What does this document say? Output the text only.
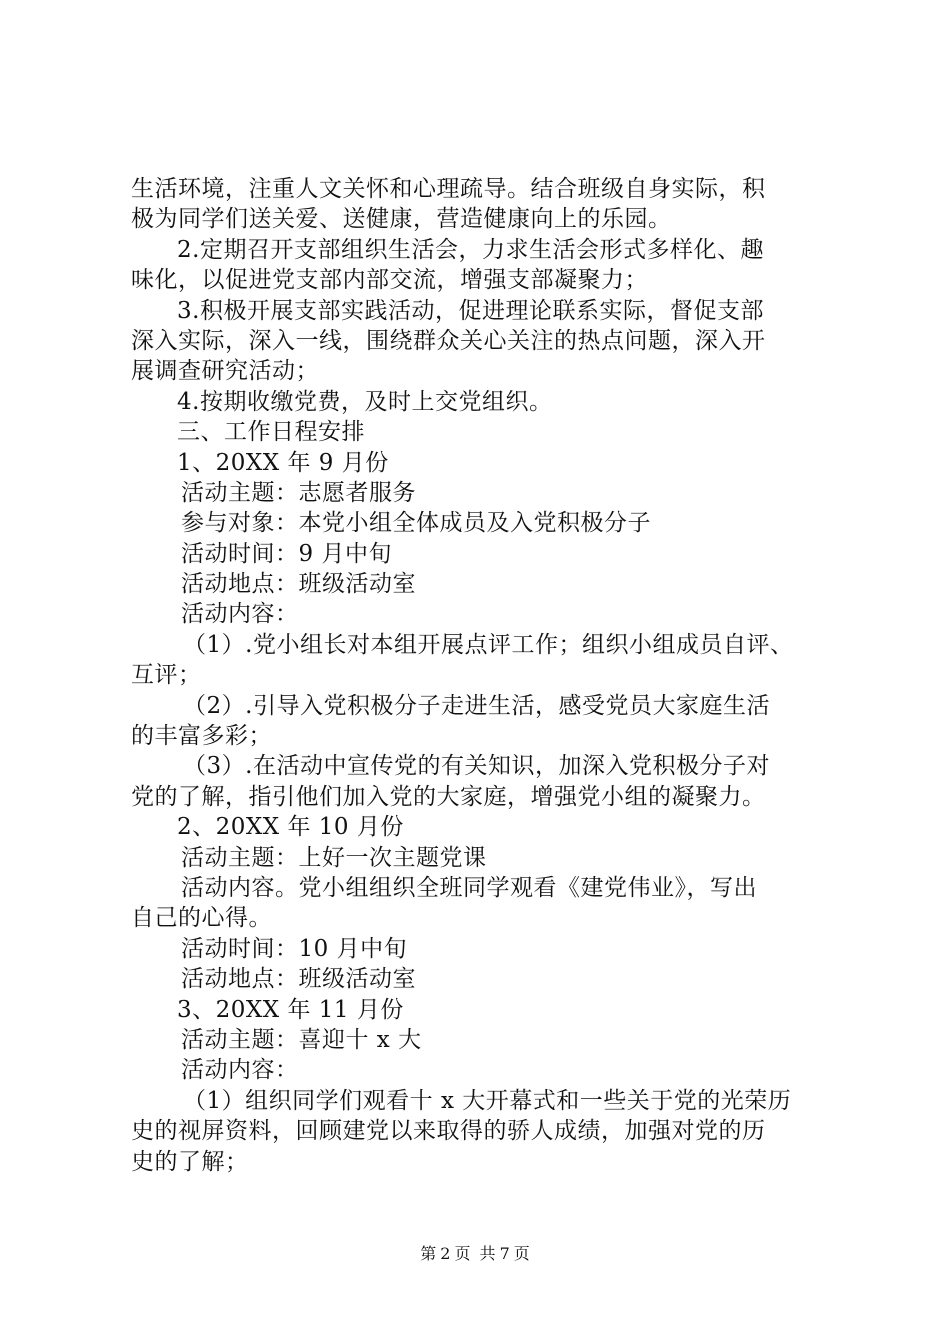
生活环境，注重人文关怀和心理疏导。结合班级自身实际，积
极为同学们送关爱、送健康，营造健康向上的乐园。
2.定期召开支部组织生活会，力求生活会形式多样化、趣
味化，以促进党支部内部交流，增强支部凝聚力；
3.积极开展支部实践活动，促进理论联系实际，督促支部
深入实际，深入一线，围绕群众关心关注的热点问题，深入开
展调查研究活动；
4.按期收缴党费，及时上交党组织。
三、工作日程安排
1、20XX 年 9 月份
活动主题：志愿者服务
参与对象：本党小组全体成员及入党积极分子
活动时间：9 月中旬
活动地点：班级活动室
活动内容：
（1）.党小组长对本组开展点评工作；组织小组成员自评、
互评；
（2）.引导入党积极分子走进生活，感受党员大家庭生活
的丰富多彩；
（3）.在活动中宣传党的有关知识，加深入党积极分子对
党的了解，指引他们加入党的大家庭，增强党小组的凝聚力。
2、20XX 年 10 月份
活动主题：上好一次主题党课
活动内容。党小组组织全班同学观看《建党伟业》，写出
自己的心得。
活动时间：10 月中旬
活动地点：班级活动室
3、20XX 年 11 月份
活动主题：喜迎十 x 大
活动内容：
（1）组织同学们观看十 x 大开幕式和一些关于党的光荣历
史的视屏资料，回顾建党以来取得的骄人成绩，加强对党的历
史的了解；
第 2 页 共 7 页
